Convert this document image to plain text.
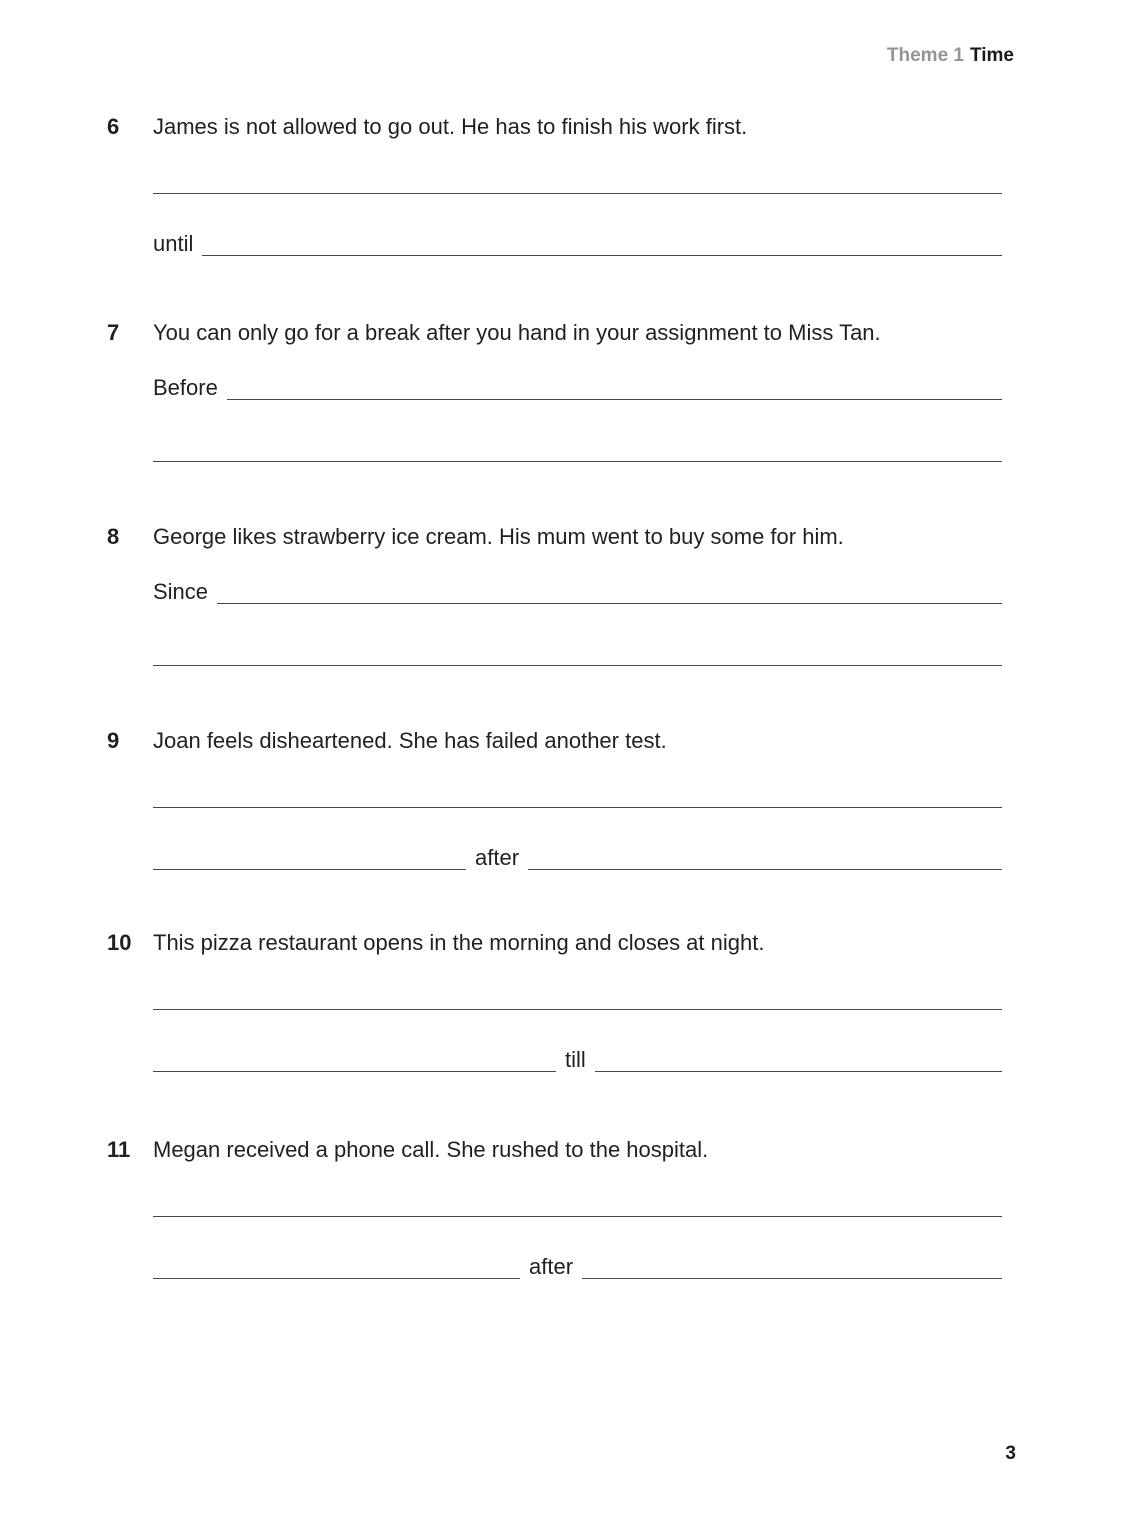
Theme 1 Time
6	James is not allowed to go out. He has to finish his work first.
until
7	You can only go for a break after you hand in your assignment to Miss Tan.
Before
8	George likes strawberry ice cream. His mum went to buy some for him.
Since
9	Joan feels disheartened. She has failed another test.
after
10 This pizza restaurant opens in the morning and closes at night.
till
11	Megan received a phone call. She rushed to the hospital.
after
3
